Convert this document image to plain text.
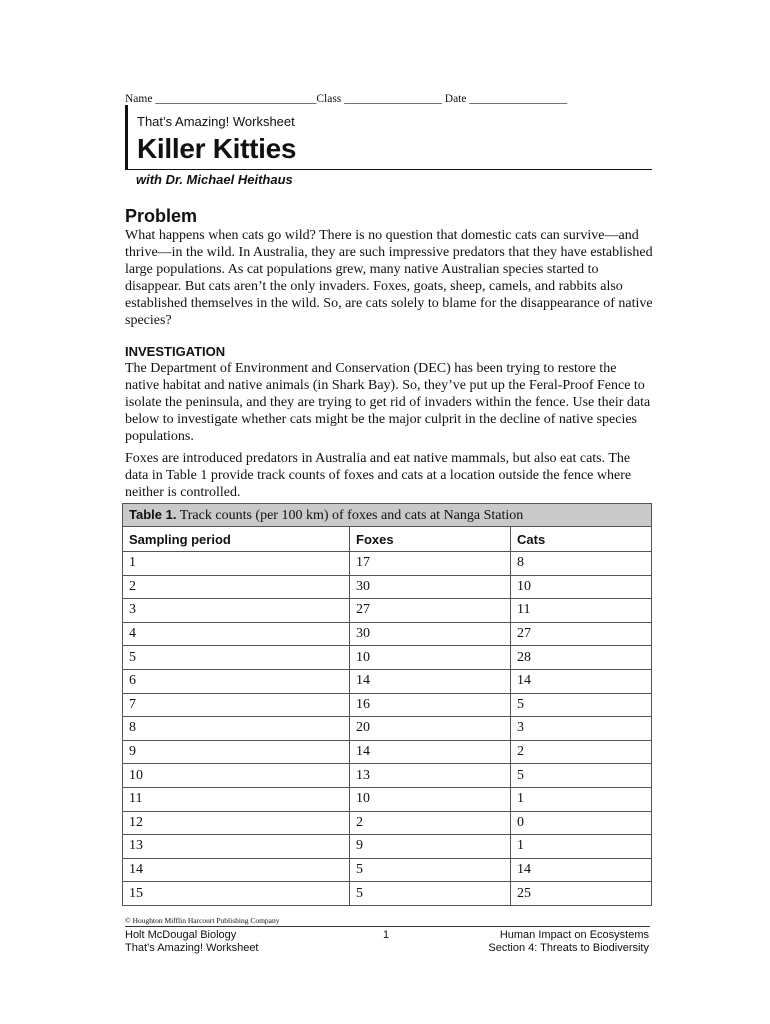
Name ____________________________Class _________________ Date _________________
That’s Amazing! Worksheet
Killer Kitties
with Dr. Michael Heithaus
Problem
What happens when cats go wild? There is no question that domestic cats can survive—and thrive—in the wild. In Australia, they are such impressive predators that they have established large populations. As cat populations grew, many native Australian species started to disappear. But cats aren’t the only invaders. Foxes, goats, sheep, camels, and rabbits also established themselves in the wild. So, are cats solely to blame for the disappearance of native species?
INVESTIGATION
The Department of Environment and Conservation (DEC) has been trying to restore the native habitat and native animals (in Shark Bay). So, they’ve put up the Feral-Proof Fence to isolate the peninsula, and they are trying to get rid of invaders within the fence. Use their data below to investigate whether cats might be the major culprit in the decline of native species populations.
Foxes are introduced predators in Australia and eat native mammals, but also eat cats. The data in Table 1 provide track counts of foxes and cats at a location outside the fence where neither is controlled.
Table 1. Track counts (per 100 km) of foxes and cats at Nanga Station		
Sampling period	Foxes	Cats
1	17	8
2	30	10
3	27	11
4	30	27
5	10	28
6	14	14
7	16	5
8	20	3
9	14	2
10	13	5
11	10	1
12	2	0
13	9	1
14	5	14
15	5	25
© Houghton Mifflin Harcourt Publishing Company
Holt McDougal Biology
That’s Amazing! Worksheet
1	Human Impact on Ecosystems
Section 4: Threats to Biodiversity
